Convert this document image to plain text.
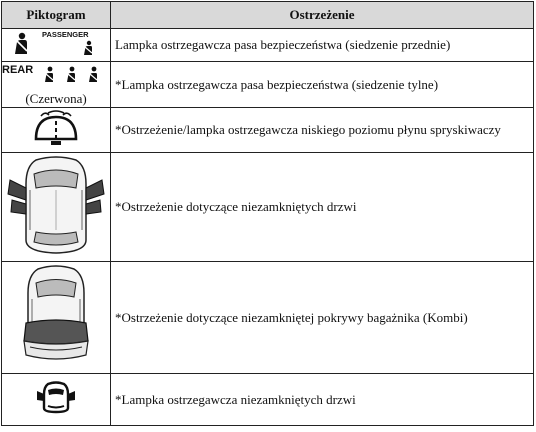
Piktogram	Ostrzeżenie

PASSENGER	Lampka ostrzegawcza pasa bezpieczeństwa (siedzenie przednie)

REAR
(Czerwona)	*Lampka ostrzegawcza pasa bezpieczeństwa (siedzenie tylne)

	*Ostrzeżenie/lampka ostrzegawcza niskiego poziomu płynu spryskiwaczy

	*Ostrzeżenie dotyczące niezamkniętych drzwi

	*Ostrzeżenie dotyczące niezamkniętej pokrywy bagażnika (Kombi)

	*Lampka ostrzegawcza niezamkniętych drzwi
